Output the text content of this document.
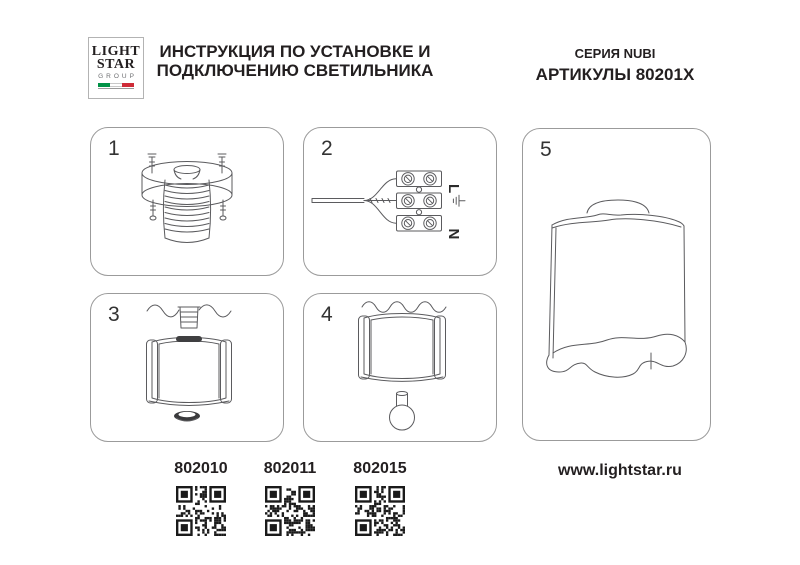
LIGHT
STAR
GROUP
ИНСТРУКЦИЯ ПО УСТАНОВКЕ И
ПОДКЛЮЧЕНИЮ СВЕТИЛЬНИКА
СЕРИЯ NUBI
АРТИКУЛЫ 80201X
1	2
L
N
3	4
5
802010	802011	802015	www.lightstar.ru
